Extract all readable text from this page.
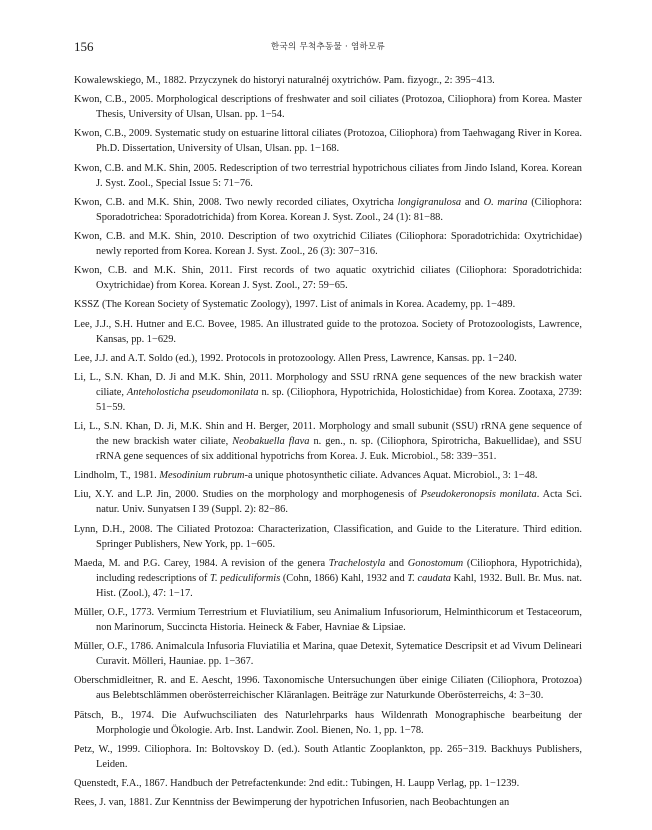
156	한국의 무척추동물 · 염하모류
Kowalewskiego, M., 1882. Przyczynek do historyi naturalnéj oxytrichów. Pam. fizyogr., 2: 395−413.
Kwon, C.B., 2005. Morphological descriptions of freshwater and soil ciliates (Protozoa, Ciliophora) from Korea. Master Thesis, University of Ulsan, Ulsan. pp. 1−54.
Kwon, C.B., 2009. Systematic study on estuarine littoral ciliates (Protozoa, Ciliophora) from Taehwagang River in Korea. Ph.D. Dissertation, University of Ulsan, Ulsan. pp. 1−168.
Kwon, C.B. and M.K. Shin, 2005. Redescription of two terrestrial hypotrichous ciliates from Jindo Island, Korea. Korean J. Syst. Zool., Special Issue 5: 71−76.
Kwon, C.B. and M.K. Shin, 2008. Two newly recorded ciliates, Oxytricha longigranulosa and O. marina (Ciliophora: Sporadotrichea: Sporadotrichida) from Korea. Korean J. Syst. Zool., 24 (1): 81−88.
Kwon, C.B. and M.K. Shin, 2010. Description of two oxytrichid Ciliates (Ciliophora: Sporadotrichida: Oxytrichidae) newly reported from Korea. Korean J. Syst. Zool., 26 (3): 307−316.
Kwon, C.B. and M.K. Shin, 2011. First records of two aquatic oxytrichid ciliates (Ciliophora: Sporadotrichida: Oxytrichidae) from Korea. Korean J. Syst. Zool., 27: 59−65.
KSSZ (The Korean Society of Systematic Zoology), 1997. List of animals in Korea. Academy, pp. 1−489.
Lee, J.J., S.H. Hutner and E.C. Bovee, 1985. An illustrated guide to the protozoa. Society of Protozoologists, Lawrence, Kansas, pp. 1−629.
Lee, J.J. and A.T. Soldo (ed.), 1992. Protocols in protozoology. Allen Press, Lawrence, Kansas. pp. 1−240.
Li, L., S.N. Khan, D. Ji and M.K. Shin, 2011. Morphology and SSU rRNA gene sequences of the new brackish water ciliate, Anteholosticha pseudomonilata n. sp. (Ciliophora, Hypotrichida, Holostichidae) from Korea. Zootaxa, 2739: 51−59.
Li, L., S.N. Khan, D. Ji, M.K. Shin and H. Berger, 2011. Morphology and small subunit (SSU) rRNA gene sequence of the new brackish water ciliate, Neobakuella flava n. gen., n. sp. (Ciliophora, Spirotricha, Bakuellidae), and SSU rRNA gene sequences of six additional hypotrichs from Korea. J. Euk. Microbiol., 58: 339−351.
Lindholm, T., 1981. Mesodinium rubrum-a unique photosynthetic ciliate. Advances Aquat. Microbiol., 3: 1−48.
Liu, X.Y. and L.P. Jin, 2000. Studies on the morphology and morphogenesis of Pseudokeronopsis monilata. Acta Sci. natur. Univ. Sunyatsen I 39 (Suppl. 2): 82−86.
Lynn, D.H., 2008. The Ciliated Protozoa: Characterization, Classification, and Guide to the Literature. Third edition. Springer Publishers, New York, pp. 1−605.
Maeda, M. and P.G. Carey, 1984. A revision of the genera Trachelostyla and Gonostomum (Ciliophora, Hypotrichida), including redescriptions of T. pediculiformis (Cohn, 1866) Kahl, 1932 and T. caudata Kahl, 1932. Bull. Br. Mus. nat. Hist. (Zool.), 47: 1−17.
Müller, O.F., 1773. Vermium Terrestrium et Fluviatilium, seu Animalium Infusoriorum, Helminthicorum et Testaceorum, non Marinorum, Succincta Historia. Heineck & Faber, Havniae & Lipsiae.
Müller, O.F., 1786. Animalcula Infusoria Fluviatilia et Marina, quae Detexit, Sytematice Descripsit et ad Vivum Delineari Curavit. Mölleri, Hauniae. pp. 1−367.
Oberschmidleitner, R. and E. Aescht, 1996. Taxonomische Untersuchungen über einige Ciliaten (Ciliophora, Protozoa) aus Belebtschlämmen oberösterreichischer Kläranlagen. Beiträge zur Naturkunde Oberösterreichs, 4: 3−30.
Pätsch, B., 1974. Die Aufwuchsciliaten des Naturlehrparks haus Wildenrath Monographische bearbeitung der Morphologie und Ökologie. Arb. Inst. Landwir. Zool. Bienen, No. 1, pp. 1−78.
Petz, W., 1999. Ciliophora. In: Boltovskoy D. (ed.). South Atlantic Zooplankton, pp. 265−319. Backhuys Publishers, Leiden.
Quenstedt, F.A., 1867. Handbuch der Petrefactenkunde: 2nd edit.: Tubingen, H. Laupp Verlag, pp. 1−1239.
Rees, J. van, 1881. Zur Kenntniss der Bewimperung der hypotrichen Infusorien, nach Beobachtungen an
